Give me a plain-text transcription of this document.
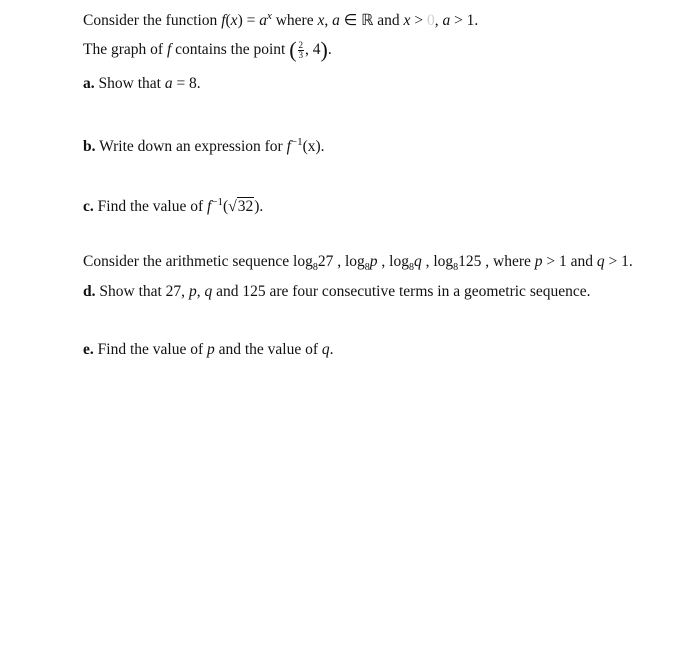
Consider the function $f(x) = a^x$ where x, a ∈ ℝ and x > 0, a > 1.
The graph of f contains the point ( $\frac{2}{3}$ , 4).
a. Show that a = 8.
b. Write down an expression for $f^{-1}(x)$.
c. Find the value of $f^{-1}(√32)$.
Consider the arithmetic sequence $\log_827$ , $\log_8p$ , $\log_8q$ , $\log_8125$ , where p > 1 and q > 1.
d. Show that 27, p, q and 125 are four consecutive terms in a geometric sequence.
e. Find the value of p and the value of q.
